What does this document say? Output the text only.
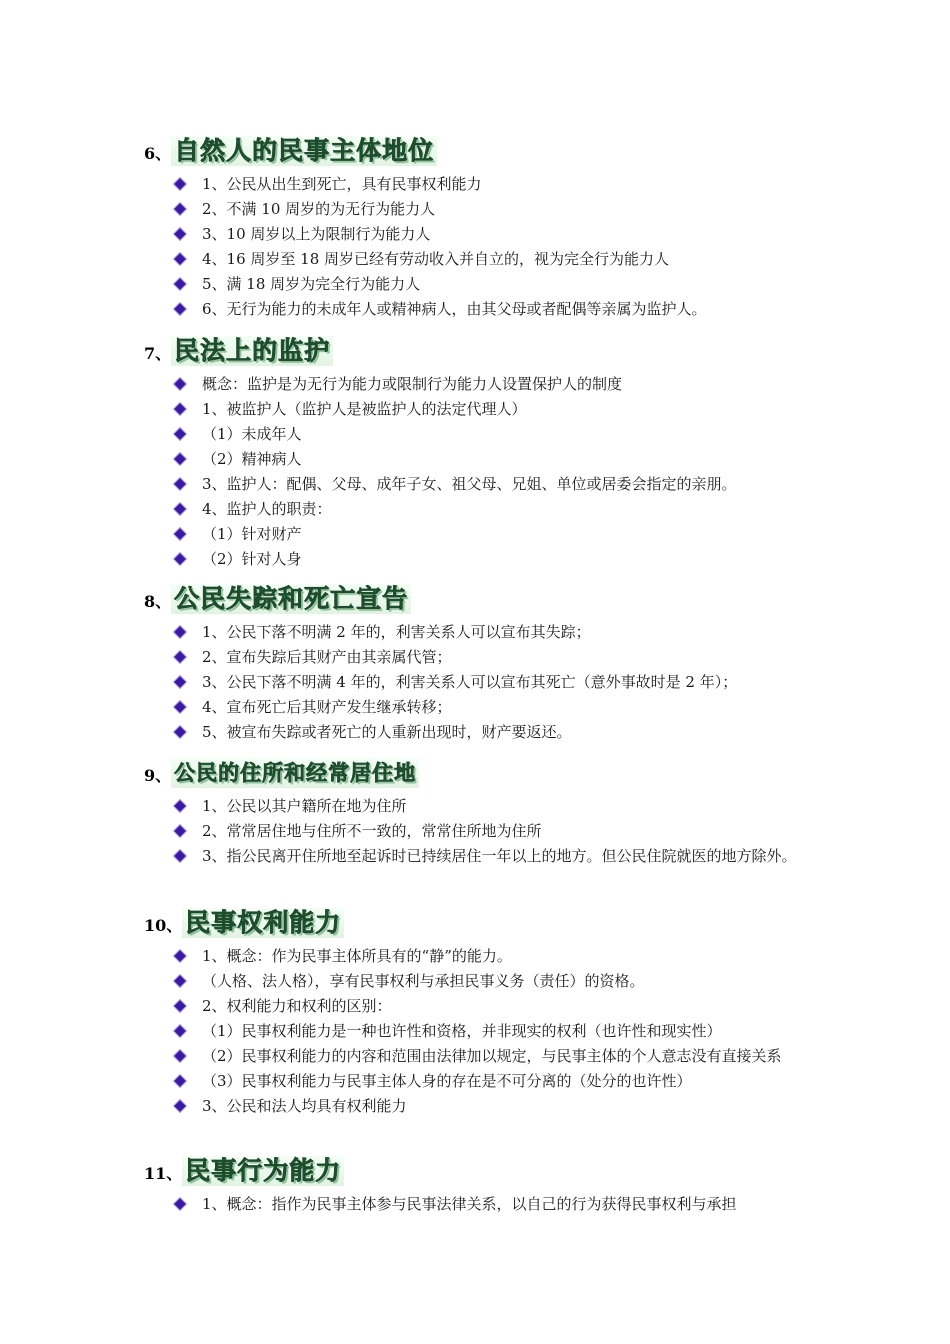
6、 自然人的民事主体地位
1、公民从出生到死亡，具有民事权利能力
2、不满 10 周岁的为无行为能力人
3、10 周岁以上为限制行为能力人
4、16 周岁至 18 周岁已经有劳动收入并自立的，视为完全行为能力人
5、满 18 周岁为完全行为能力人
6、无行为能力的未成年人或精神病人，由其父母或者配偶等亲属为监护人。
7、 民法上的监护
概念：监护是为无行为能力或限制行为能力人设置保护人的制度
1、被监护人（监护人是被监护人的法定代理人）
（1）未成年人
（2）精神病人
3、监护人：配偶、父母、成年子女、祖父母、兄姐、单位或居委会指定的亲朋。
4、监护人的职责：
（1）针对财产
（2）针对人身
8、 公民失踪和死亡宣告
1、公民下落不明满 2 年的，利害关系人可以宣布其失踪；
2、宣布失踪后其财产由其亲属代管；
3、公民下落不明满 4 年的，利害关系人可以宣布其死亡（意外事故时是 2 年）；
4、宣布死亡后其财产发生继承转移；
5、被宣布失踪或者死亡的人重新出现时，财产要返还。
9、 公民的住所和经常居住地
1、公民以其户籍所在地为住所
2、常常居住地与住所不一致的，常常住所地为住所
3、指公民离开住所地至起诉时已持续居住一年以上的地方。但公民住院就医的地方除外。
10、 民事权利能力
1、概念：作为民事主体所具有的“静”的能力。
（人格、法人格），享有民事权利与承担民事义务（责任）的资格。
2、权利能力和权利的区别：
（1）民事权利能力是一种也许性和资格，并非现实的权利（也许性和现实性）
（2）民事权利能力的内容和范围由法律加以规定，与民事主体的个人意志没有直接关系
（3）民事权利能力与民事主体人身的存在是不可分离的（处分的也许性）
3、公民和法人均具有权利能力
11、 民事行为能力
1、概念：指作为民事主体参与民事法律关系，以自己的行为获得民事权利与承担
